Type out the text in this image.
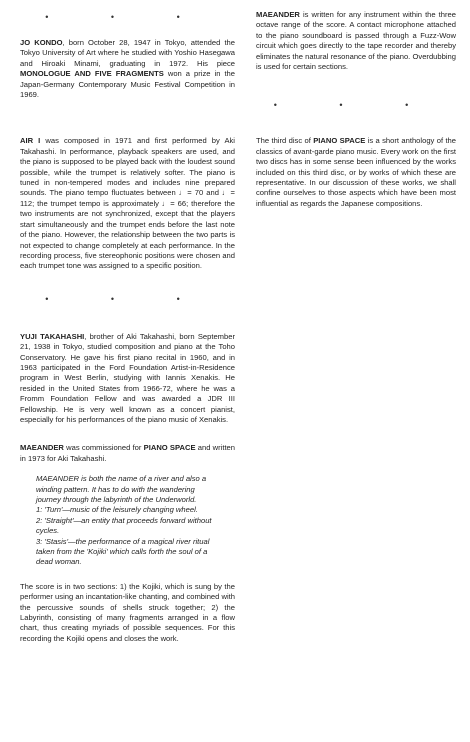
• • •

JO KONDO, born October 28, 1947 in Tokyo, attended the Tokyo University of Art where he studied with Yoshio Hasegawa and Hiroaki Minami, graduating in 1972. His piece MONOLOGUE AND FIVE FRAGMENTS won a prize in the Japan-Germany Contemporary Music Festival Competition in 1969.

AIR I was composed in 1971 and first performed by Aki Takahashi. In performance, playback speakers are used, and the piano is supposed to be played back with the loudest sound possible, while the trumpet is relatively softer. The piano is tuned in non-tempered modes and includes nine prepared sounds. The piano tempo fluctuates between ♩= 70 and ♩= 112; the trumpet tempo is approximately ♩= 66; therefore the two instruments are not synchronized, except that the players start simultaneously and the trumpet ends before the last note of the piano. However, the relationship between the two parts is not expected to change completely at each performance. In the recording process, five stereophonic positions were chosen and each trumpet tone was assigned to a specific position.

• • •

YUJI TAKAHASHI, brother of Aki Takahashi, born September 21, 1938 in Tokyo, studied composition and piano at the Toho Conservatory. He gave his first piano recital in 1960, and in 1963 participated in the Ford Foundation Artist-in-Residence program in West Berlin, studying with Iannis Xenakis. He resided in the United States from 1966-72, where he was a Fromm Foundation Fellow and was awarded a JDR III Fellowship. He is very well known as a concert pianist, especially for his performances of the piano music of Xenakis.

MAEANDER was commissioned for PIANO SPACE and written in 1973 for Aki Takahashi.

MAEANDER is both the name of a river and also a winding pattern. It has to do with the wandering journey through the labyrinth of the Underworld.

1: 'Turn'—music of the leisurely changing wheel.

2: 'Straight'—an entity that proceeds forward without cycles.

3: 'Stasis'—the performance of a magical river ritual taken from the 'Kojiki' which calls forth the soul of a dead woman.

The score is in two sections: 1) the Kojiki, which is sung by the performer using an incantation-like chanting, and combined with the percussive sounds of shells struck together; 2) the Labyrinth, consisting of many fragments arranged in a flow chart, thus creating myriads of possible sequences. For this recording the Kojiki opens and closes the work.

MAEANDER is written for any instrument within the three octave range of the score. A contact microphone attached to the piano soundboard is passed through a Fuzz-Wow circuit which goes directly to the tape recorder and thereby eliminates the natural resonance of the piano. Overdubbing is used for certain sections.

• • •

The third disc of PIANO SPACE is a short anthology of the classics of avant-garde piano music. Every work on the first two discs has in some sense been influenced by the works included on this third disc, or by works of which these are representative. In our discussion of these works, we shall confine ourselves to those aspects which have been most influential as regards the Japanese compositions.
